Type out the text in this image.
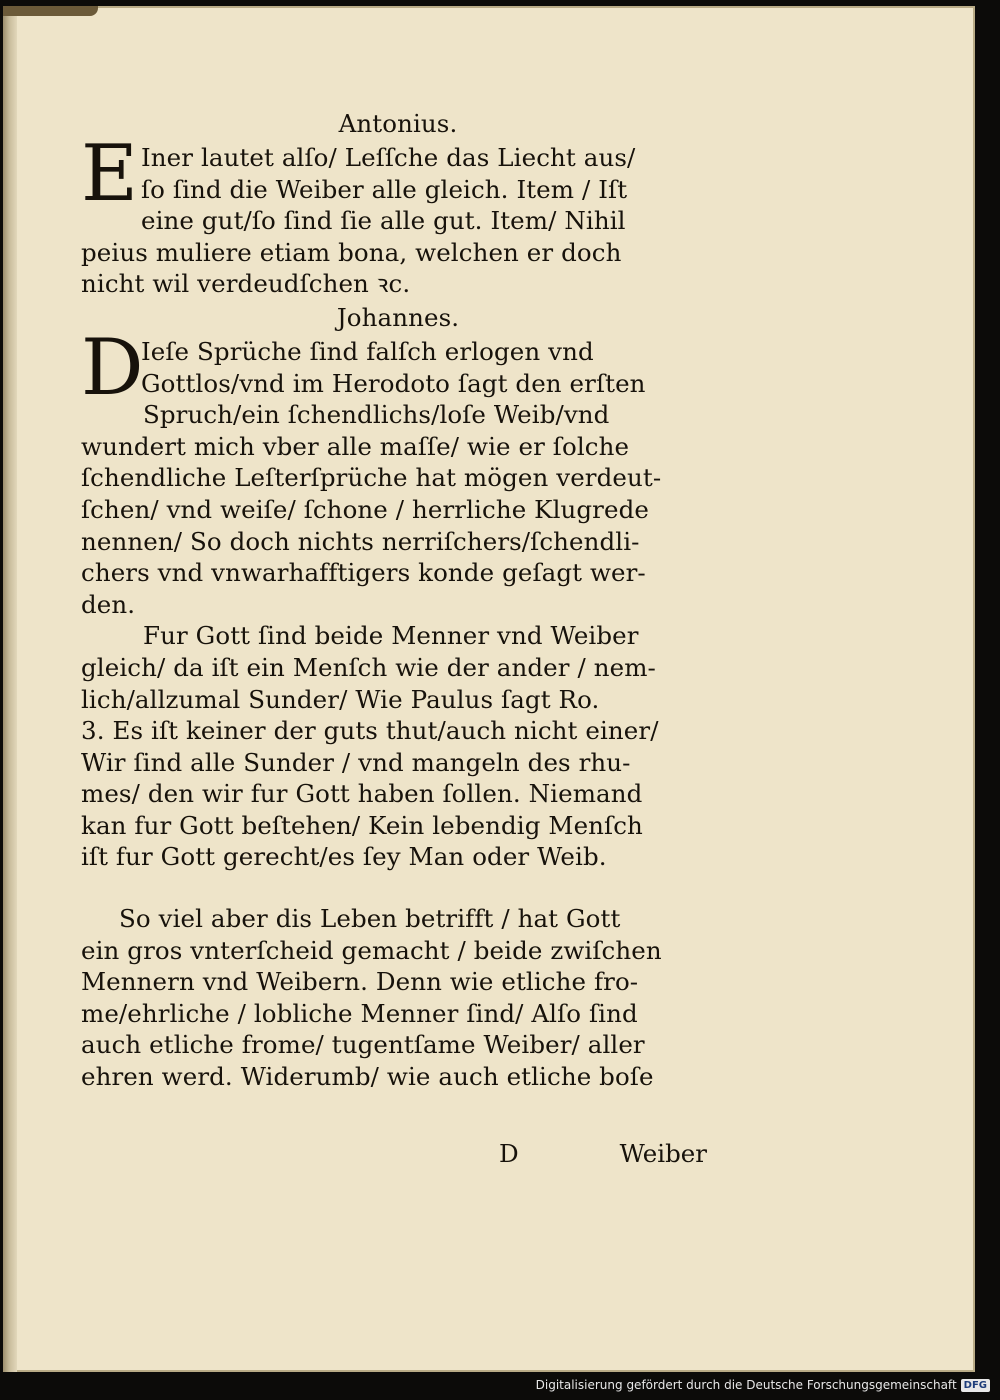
Antonius.
E Iner lautet alſo/ Leſſche das Liecht aus/
ſo ſind die Weiber alle gleich. Item / Iſt
eine gut/ſo ſind ſie alle gut. Item/ Nihil
peius muliere etiam bona, welchen er doch
nicht wil verdeudſchen ꝛc.
Johannes.
D
Ieſe Sprüche ſind falſch erlogen vnd
Gottlos/vnd im Herodoto ſagt den erſten
Spruch/ein ſchendlichs/loſe Weib/vnd
wundert mich vber alle maſſe/ wie er ſolche
ſchendliche Leſterſprüche hat mögen verdeut-
ſchen/ vnd weiſe/ ſchone / herrliche Klugrede
nennen/ So doch nichts nerriſchers/ſchendli-
chers vnd vnwarhafftigers konde geſagt wer-
den.
Fur Gott ſind beide Menner vnd Weiber
gleich/ da iſt ein Menſch wie der ander / nem-
lich/allzumal Sunder/ Wie Paulus ſagt Ro.
3. Es iſt keiner der guts thut/auch nicht einer/
Wir ſind alle Sunder / vnd mangeln des rhu-
mes/ den wir fur Gott haben ſollen. Niemand
kan fur Gott beſtehen/ Kein lebendig Menſch
iſt fur Gott gerecht/es ſey Man oder Weib.
So viel aber dis Leben betrifft / hat Gott
ein gros vnterſcheid gemacht / beide zwiſchen
Mennern vnd Weibern. Denn wie etliche fro-
me/ehrliche / lobliche Menner ſind/ Alſo ſind
auch etliche frome/ tugentſame Weiber/ aller
ehren werd. Widerumb/ wie auch etliche boſe
D	Weiber
Digitalisierung gefördert durch die Deutsche Forschungsgemeinschaft DFG
